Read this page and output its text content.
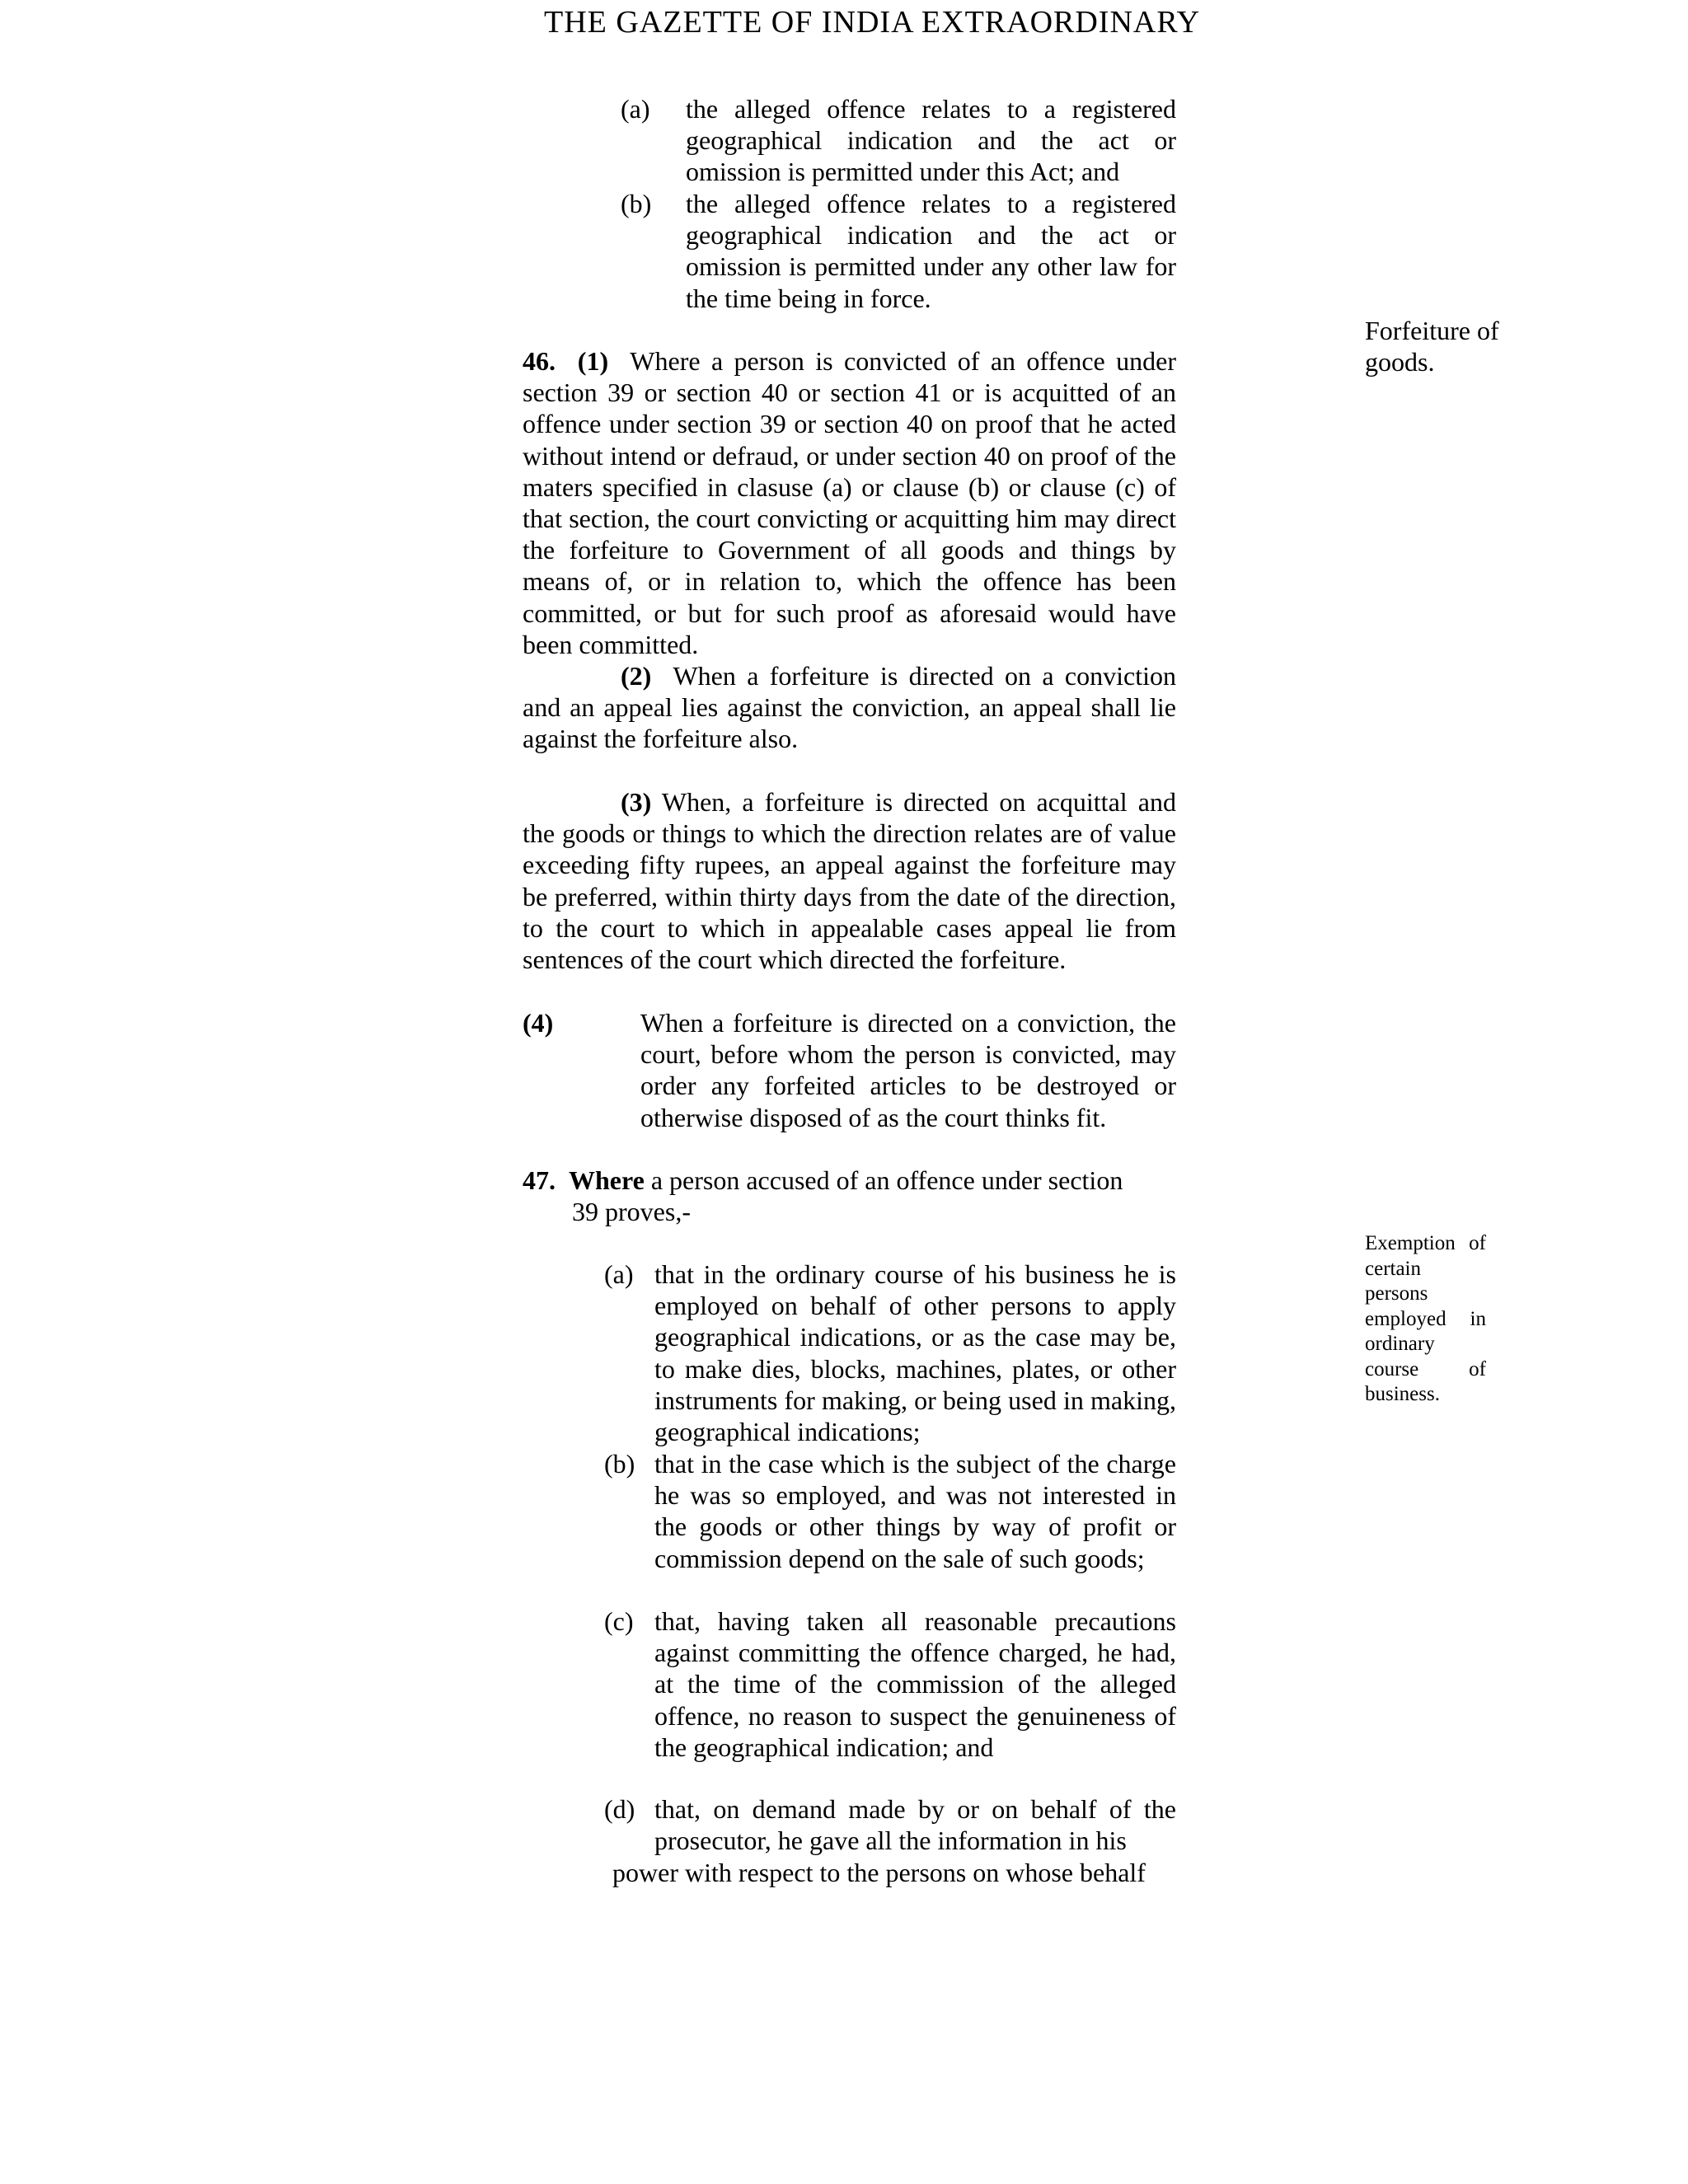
THE GAZETTE OF INDIA EXTRAORDINARY
(a) the alleged offence relates to a registered geographical indication and the act or omission is permitted under this Act; and
(b) the alleged offence relates to a registered geographical indication and the act or omission is permitted under any other law for the time being in force.
46. (1) Where a person is convicted of an offence under section 39 or section 40 or section 41 or is acquitted of an offence under section 39 or section 40 on proof that he acted without intend or defraud, or under section 40 on proof of the maters specified in clasuse (a) or clause (b) or clause (c) of that section, the court convicting or acquitting him may direct the forfeiture to Government of all goods and things by means of, or in relation to, which the offence has been committed, or but for such proof as aforesaid would have been committed.
(2) When a forfeiture is directed on a conviction and an appeal lies against the conviction, an appeal shall lie against the forfeiture also.
(3) When, a forfeiture is directed on acquittal and the goods or things to which the direction relates are of value exceeding fifty rupees, an appeal against the forfeiture may be preferred, within thirty days from the date of the direction, to the court to which in appealable cases appeal lie from sentences of the court which directed the forfeiture.
(4)	When a forfeiture is directed on a conviction, the court, before whom the person is convicted, may order any forfeited articles to be destroyed or otherwise disposed of as the court thinks fit.
Forfeiture of goods.
47. Where a person accused of an offence under section
39 proves,-
(a) that in the ordinary course of his business he is employed on behalf of other persons to apply geographical indications, or as the case may be, to make dies, blocks, machines, plates, or other instruments for making, or being used in making, geographical indications;
(b) that in the case which is the subject of the charge he was so employed, and was not interested in the goods or other things by way of profit or commission depend on the sale of such goods;
(c) that, having taken all reasonable precautions against committing the offence charged, he had, at the time of the commission of the alleged offence, no reason to suspect the genuineness of the geographical indication; and
(d) that, on demand made by or on behalf of the prosecutor, he gave all the information in his
power with respect to the persons on whose behalf
Exemption of certain persons employed in ordinary course of business.
